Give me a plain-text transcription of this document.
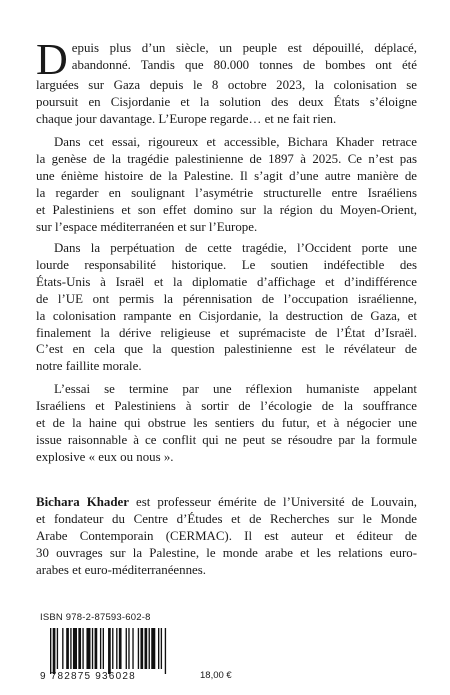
D epuis plus d’un siècle, un peuple est dépouillé, déplacé,
abandonné. Tandis que 80.000 tonnes de bombes ont été
larguées sur Gaza depuis le 8 octobre 2023, la colonisation se
poursuit en Cisjordanie et la solution des deux États s’éloigne
chaque jour davantage. L’Europe regarde… et ne fait rien.
Dans cet essai, rigoureux et accessible, Bichara Khader retrace
la genèse de la tragédie palestinienne de 1897 à 2025. Ce n’est pas
une énième histoire de la Palestine. Il s’agit d’une autre manière de
la regarder en soulignant l’asymétrie structurelle entre Israéliens
et Palestiniens et son effet domino sur la région du Moyen-Orient,
sur l’espace méditerranéen et sur l’Europe.
Dans la perpétuation de cette tragédie, l’Occident porte une
lourde responsabilité historique. Le soutien indéfectible des
États-Unis à Israël et la diplomatie d’affichage et d’indifférence
de l’UE ont permis la pérennisation de l’occupation israélienne,
la colonisation rampante en Cisjordanie, la destruction de Gaza, et
finalement la dérive religieuse et suprémaciste de l’État d’Israël.
C’est en cela que la question palestinienne est le révélateur de
notre faillite morale.
L’essai se termine par une réflexion humaniste appelant
Israéliens et Palestiniens à sortir de l’écologie de la souffrance
et de la haine qui obstrue les sentiers du futur, et à négocier une
issue raisonnable à ce conflit qui ne peut se résoudre par la formule
explosive « eux ou nous ».
Bichara Khader est professeur émérite de l’Université de Louvain,
et fondateur du Centre d’Études et de Recherches sur le Monde
Arabe Contemporain (CERMAC). Il est auteur et éditeur de
30 ouvrages sur la Palestine, le monde arabe et les relations euro-
arabes et euro-méditerranéennes.
ISBN 978-2-87593-602-8
9 782875 936028	18,00 €
